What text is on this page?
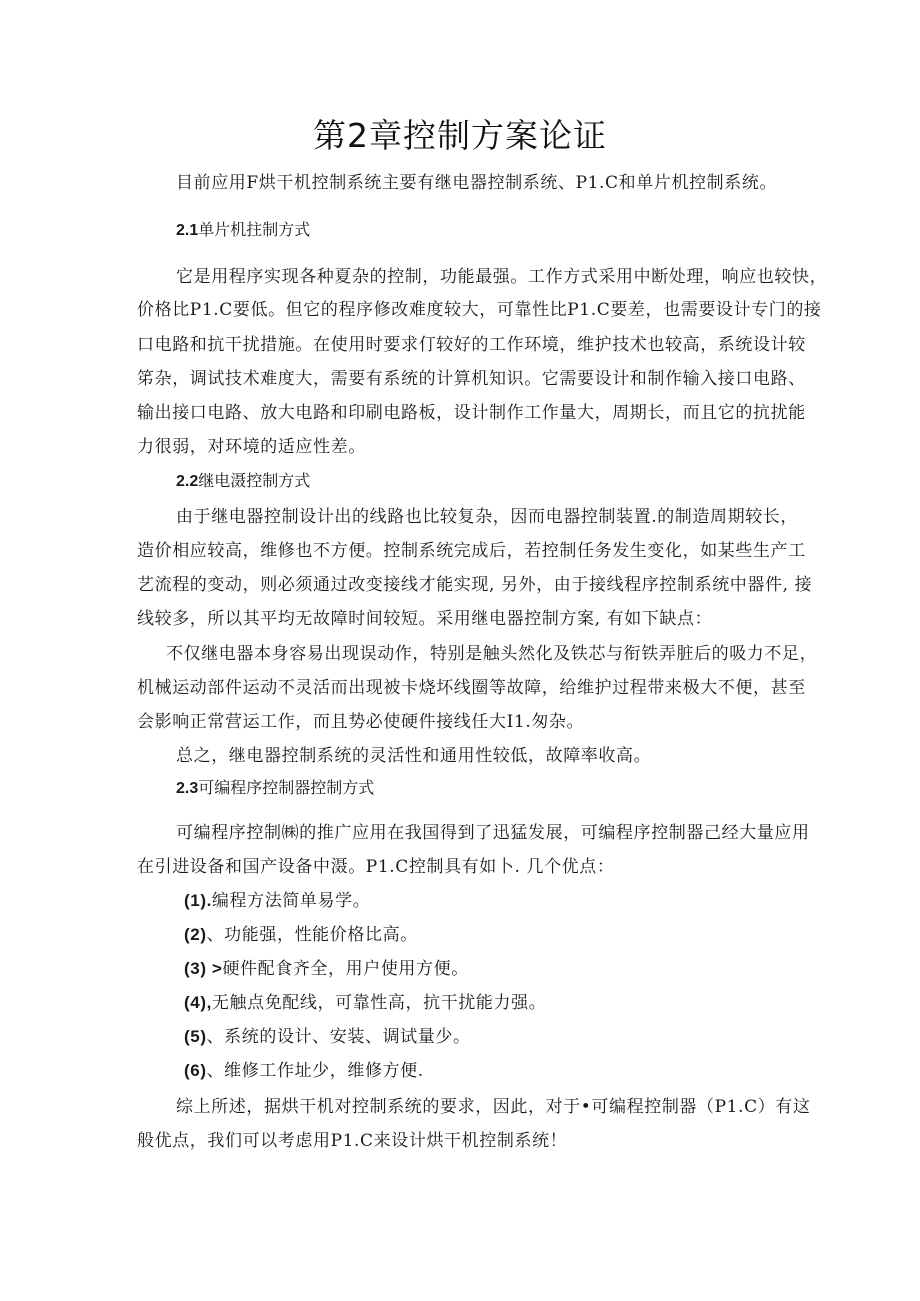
第2章控制方案论证
目前应用F烘干机控制系统主要有继电器控制系统、P1.C和单片机控制系统。
2.1单片机拄制方式
它是用程序实现各种夏杂的控制，功能最强。工作方式采用中断处理，响应也较快，
价格比P1.C要低。但它的程序修改难度较大，可靠性比P1.C要差，也需要设计专门的接
口电路和抗干扰措施。在使用时要求仃较好的工作环境，维护技术也较高，系统设计较
笫杂，调试技术难度大，需要有系统的计算机知识。它需要设计和制作输入接口电路、
输出接口电路、放大电路和印刷电路板，设计制作工作量大，周期长，而且它的抗扰能
力很弱，对环境的适应性差。
2.2继电滠控制方式
由于继电器控制设计出的线路也比较复杂，因而电器控制装置.的制造周期较长，
造价相应较高，维修也不方便。控制系统完成后，若控制任务发生变化，如某些生产工
艺流程的变动，则必须通过改变接线才能实现, 另外，由于接线程序控制系统中器件, 接
线较多，所以其平均无故障时间较短。采用继电器控制方案, 有如下缺点：
不仅继电器本身容易出现误动作，特别是触头然化及铁芯与衔铁弄脏后的吸力不足，
机械运动部件运动不灵活而出现被卡烧坏线圈等故障，给维护过程带来极大不便，甚至
会影响正常营运工作，而且势必使硬件接线任大I1.匆杂。
总之，继电器控制系统的灵活性和通用性较低，故障率收高。
2.3可编程序控制器控制方式
可编程序控制㈱的推广应用在我国得到了迅猛发展，可编程序控制器己经大量应用
在引进设备和国产设备中滠。P1.C控制具有如卜. 几个优点：
(1).编程方法简单易学。
(2)、功能强，性能价格比高。
(3) >硬件配食齐全，用户使用方便。
(4),无触点免配线，可靠性高，抗干扰能力强。
(5)、系统的设计、安装、调试量少。
(6)、维修工作址少，维修方便.
综上所述，据烘干机对控制系统的要求，因此，对于•可编程控制器（P1.C）有这
般优点，我们可以考虑用P1.C来设计烘干机控制系统！
